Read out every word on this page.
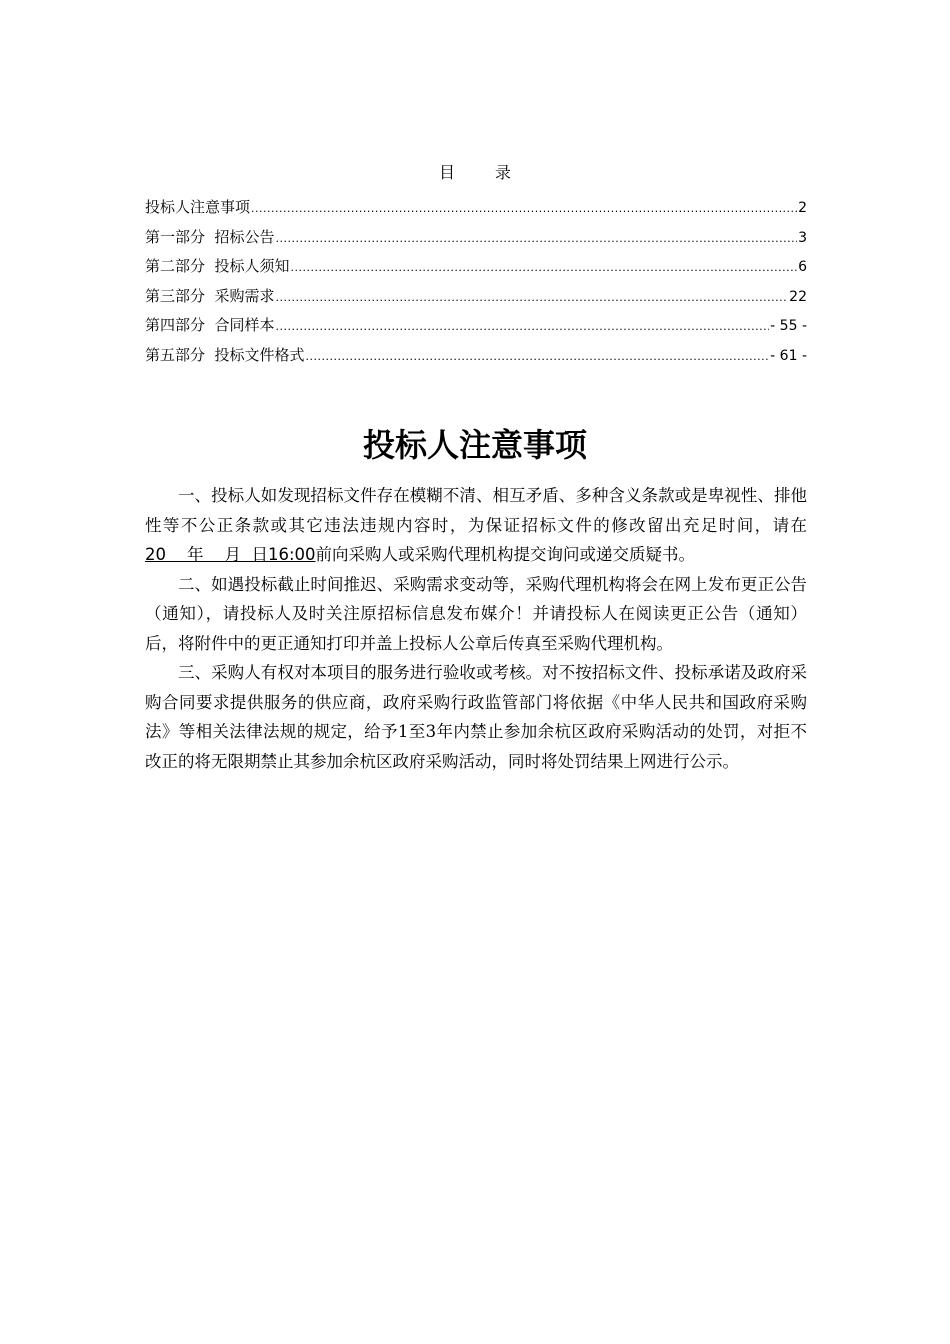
目	录
投标人注意事项 .....	2
第一部分  招标公告 .....	3
第二部分  投标人须知 .....	6
第三部分  采购需求 .....	22
第四部分  合同样本 .....	- 55 -
第五部分  投标文件格式 .....	- 61 -
投标人注意事项

一、投标人如发现招标文件存在模糊不清、相互矛盾、多种含义条款或是卑视性、排他性等不公正条款或其它违法违规内容时，为保证招标文件的修改留出充足时间，请在20    年    月  日16:00前向采购人或采购代理机构提交询问或递交质疑书。

二、如遇投标截止时间推迟、采购需求变动等，采购代理机构将会在网上发布更正公告（通知），请投标人及时关注原招标信息发布媒介！并请投标人在阅读更正公告（通知）后，将附件中的更正通知打印并盖上投标人公章后传真至采购代理机构。

三、采购人有权对本项目的服务进行验收或考核。对不按招标文件、投标承诺及政府采购合同要求提供服务的供应商，政府采购行政监管部门将依据《中华人民共和国政府采购法》等相关法律法规的规定，给予1至3年内禁止参加余杭区政府采购活动的处罚，对拒不改正的将无限期禁止其参加余杭区政府采购活动，同时将处罚结果上网进行公示。
